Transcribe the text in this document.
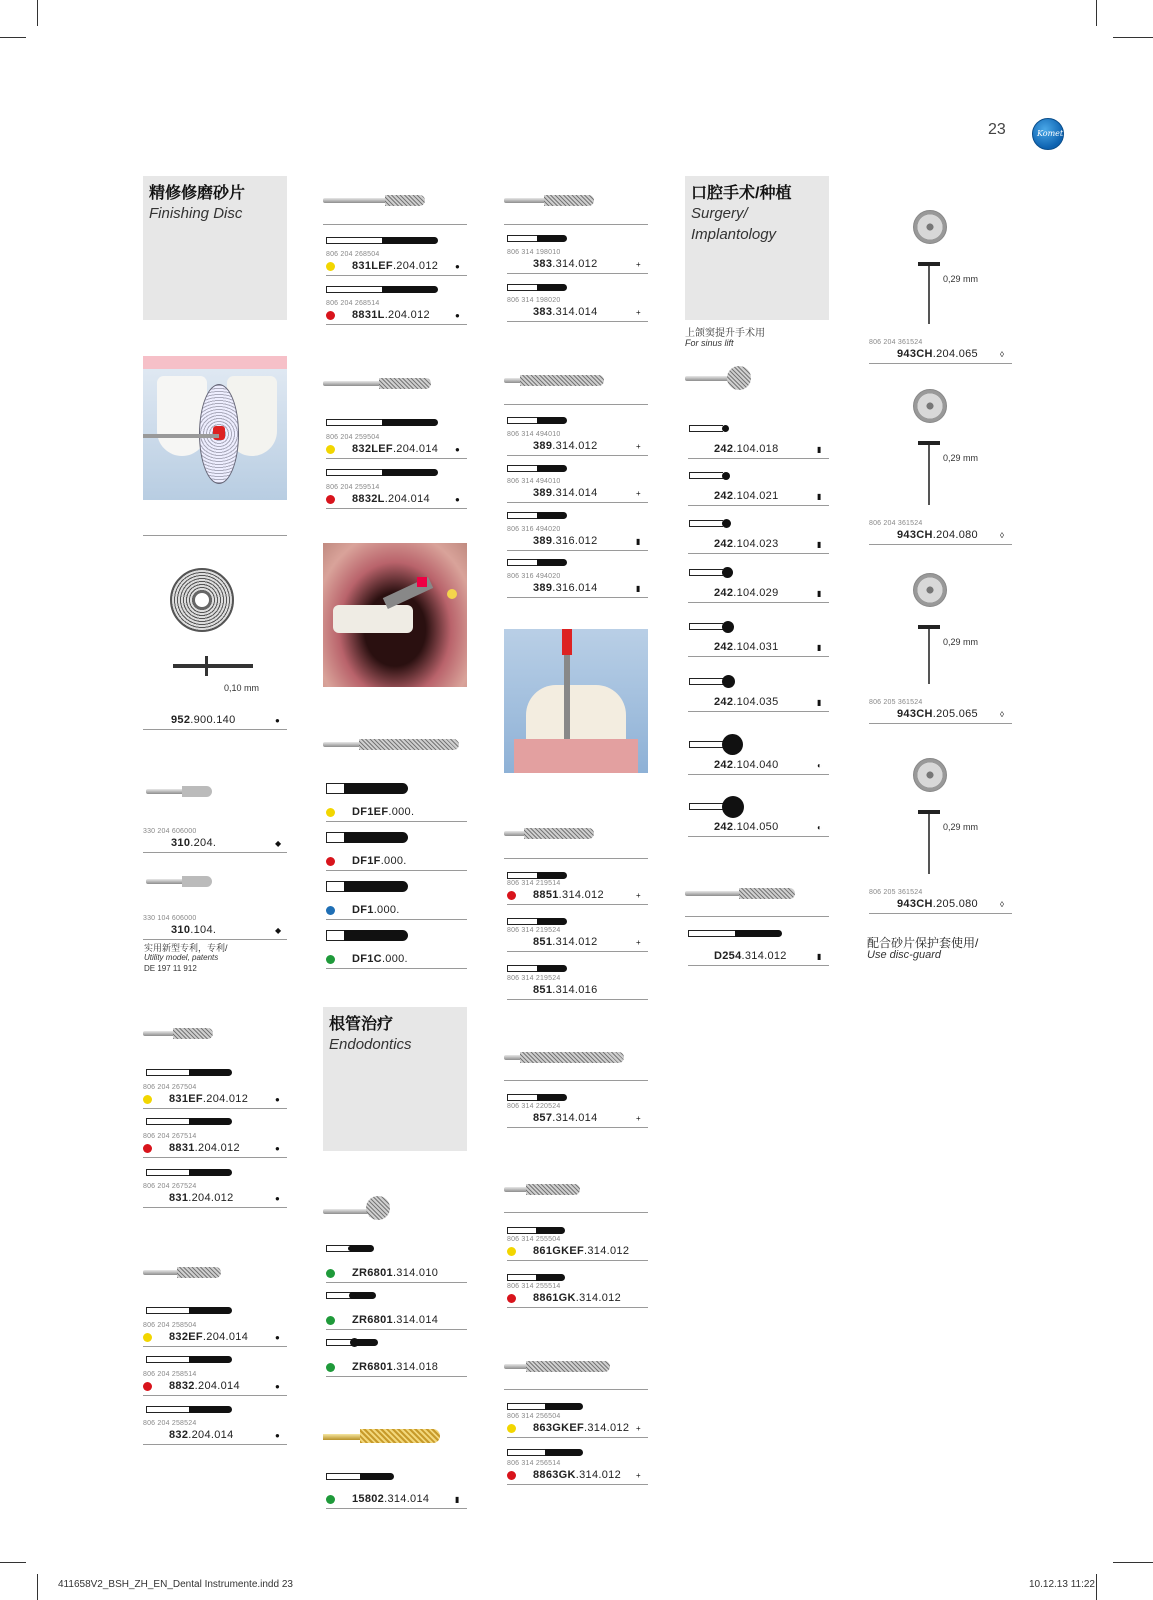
23	Komet
精修修磨砂片
Finishing Disc
0,10 mm
实用新型专利，专利/
Utility model, patents
DE 197 11 912
根管治疗
Endodontics
口腔手术/种植
Surgery/
Implantology
上颌窦提升手术用
For sinus lift
配合砂片保护套使用/
Use disc-guard
411658V2_BSH_ZH_EN_Dental Instrumente.indd 23	10.12.13 11:22
952.900.140	●
330 204 606000
310.204.	◆
330 104 606000
310.104.	◆
806 204 267504
831EF.204.012	●
806 204 267514
8831.204.012	●
806 204 267524
831.204.012	●
806 204 258504
832EF.204.014	●
806 204 258514
8832.204.014	●
806 204 258524
832.204.014	●
806 204 268504
831LEF.204.012 ●
806 204 268514
8831L.204.012	●
806 204 259504
832LEF.204.014 ●
806 204 259514
8832L.204.014	●
DF1EF.000.
DF1F.000.
DF1.000.
DF1C.000.
ZR6801.314.010
ZR6801.314.014
ZR6801.314.018
15802.314.014	▮
806 314 198010
383.314.012	+
806 314 198020
383.314.014	+
806 314 494010
389.314.012	+
806 314 494010
389.314.014	+
806 316 494020
389.316.012	▮
806 316 494020
389.316.014	▮
806 314 219514
8851.314.012	+
806 314 219524
851.314.012	+
806 314 219524
851.314.016
806 314 220524
857.314.014	+
806 314 255504
861GKEF.314.012
806 314 255514
8861GK.314.012
806 314 256504
863GKEF.314.012 +
806 314 256514
8863GK.314.012 +
242.104.018	▮
242.104.021	▮
242.104.023	▮
242.104.029	▮
242.104.031	▮
242.104.035	▮
242.104.040	◐
242.104.050	◐
D254.314.012	▮
0,29 mm
806 204 361524
943CH.204.065	◊
0,29 mm
806 204 361524
943CH.204.080	◊
0,29 mm
806 205 361524
943CH.205.065	◊
0,29 mm
806 205 361524
943CH.205.080	◊
